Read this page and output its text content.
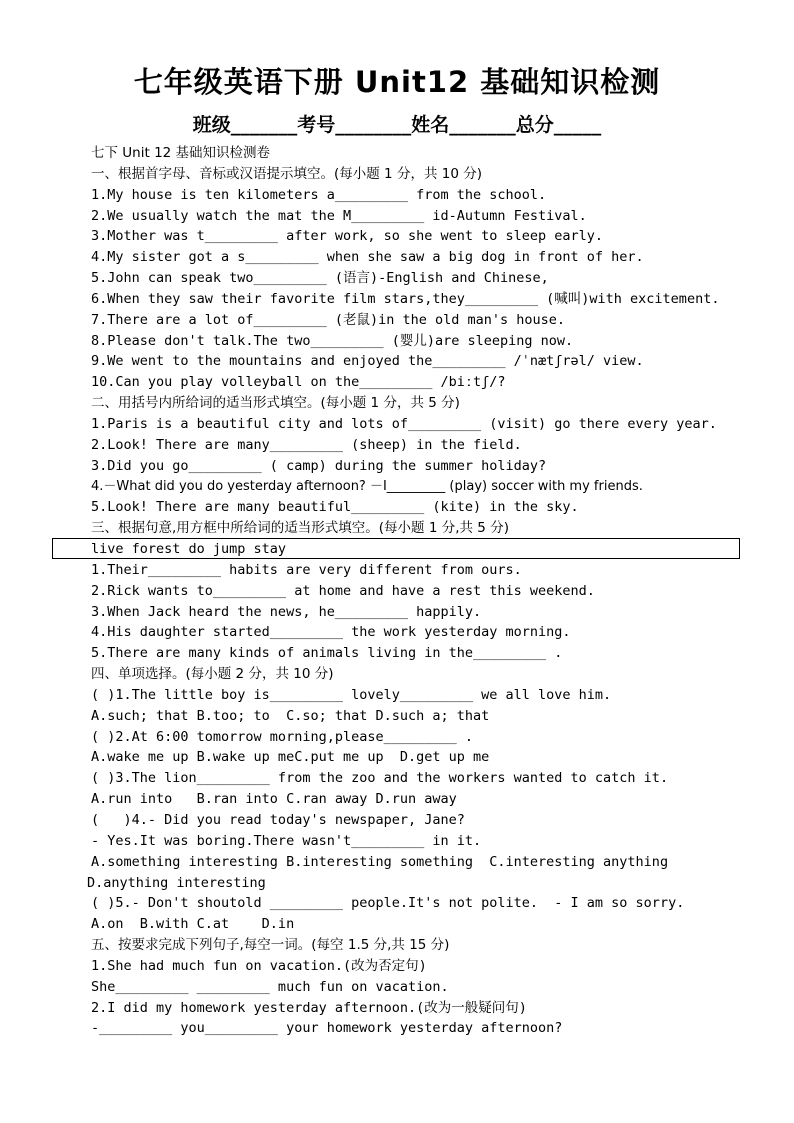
七年级英语下册 Unit12 基础知识检测
班级_______考号________姓名_______总分_____
七下 Unit 12 基础知识检测卷
一、根据首字母、音标或汉语提示填空。(每小题 1 分，共 10 分)
1.My house is ten kilometers a_________ from the school.
2.We usually watch the mat the M_________ id-Autumn Festival.
3.Mother was t_________ after work, so she went to sleep early.
4.My sister got a s_________ when she saw a big dog in front of her.
5.John can speak two_________ (语言)-English and Chinese,
6.When they saw their favorite film stars,they_________ (喊叫)with excitement.
7.There are a lot of_________ (老鼠)in the old man's house.
8.Please don't talk.The two_________ (婴儿)are sleeping now.
9.We went to the mountains and enjoyed the_________ /ˈnætʃrəl/ view.
10.Can you play volleyball on the_________ /biːtʃ/?
二、用括号内所给词的适当形式填空。(每小题 1 分，共 5 分)
1.Paris is a beautiful city and lots of_________ (visit) go there every year.
2.Look! There are many_________ (sheep) in the field.
3.Did you go_________ ( camp) during the summer holiday?
4.－What did you do yesterday afternoon? －I_________ (play) soccer with my friends.
5.Look! There are many beautiful_________ (kite) in the sky.
三、根据句意,用方框中所给词的适当形式填空。(每小题 1 分,共 5 分)
live forest do jump stay
1.Their_________ habits are very different from ours.
2.Rick wants to_________ at home and have a rest this weekend.
3.When Jack heard the news, he_________ happily.
4.His daughter started_________ the work yesterday morning.
5.There are many kinds of animals living in the_________ .
四、单项选择。(每小题 2 分，共 10 分)
( )1.The little boy is_________ lovely_________ we all love him.
A.such; that B.too; to  C.so; that D.such a; that
( )2.At 6:00 tomorrow morning,please_________ .
A.wake me up B.wake up meC.put me up  D.get up me
( )3.The lion_________ from the zoo and the workers wanted to catch it.
A.run into   B.ran into C.ran away D.run away
(   )4.- Did you read today's newspaper, Jane?
- Yes.It was boring.There wasn't_________ in it.
A.something interesting B.interesting something  C.interesting anything
D.anything interesting
( )5.- Don't shoutold _________ people.It's not polite.  - I am so sorry.
A.on  B.with C.at    D.in
五、按要求完成下列句子,每空一词。(每空 1.5 分,共 15 分)
1.She had much fun on vacation.(改为否定句)
She_________ _________ much fun on vacation.
2.I did my homework yesterday afternoon.(改为一般疑问句)
-_________ you_________ your homework yesterday afternoon?
